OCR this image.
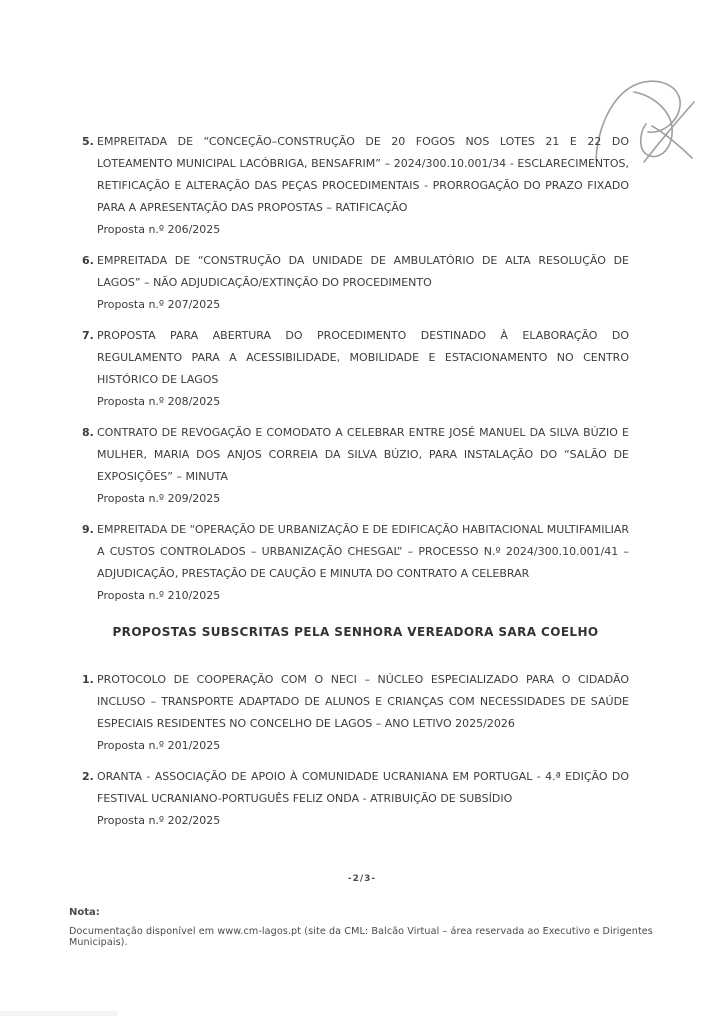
5. EMPREITADA DE “CONCEÇÃO–CONSTRUÇÃO DE 20 FOGOS NOS LOTES 21 E 22 DO LOTEAMENTO MUNICIPAL LACÓBRIGA, BENSAFRIM” – 2024/300.10.001/34 - ESCLARECIMENTOS, RETIFICAÇÃO E ALTERAÇÃO DAS PEÇAS PROCEDIMENTAIS - PRORROGAÇÃO DO PRAZO FIXADO PARA A APRESENTAÇÃO DAS PROPOSTAS – RATIFICAÇÃO
Proposta n.º 206/2025
6. EMPREITADA DE “CONSTRUÇÃO DA UNIDADE DE AMBULATÓRIO DE ALTA RESOLUÇÃO DE LAGOS” – NÃO ADJUDICAÇÃO/EXTINÇÃO DO PROCEDIMENTO
Proposta n.º 207/2025
7. PROPOSTA PARA ABERTURA DO PROCEDIMENTO DESTINADO À ELABORAÇÃO DO REGULAMENTO PARA A ACESSIBILIDADE, MOBILIDADE E ESTACIONAMENTO NO CENTRO HISTÓRICO DE LAGOS
Proposta n.º 208/2025
8. CONTRATO DE REVOGAÇÃO E COMODATO A CELEBRAR ENTRE JOSÉ MANUEL DA SILVA BÚZIO E MULHER, MARIA DOS ANJOS CORREIA DA SILVA BÚZIO, PARA INSTALAÇÃO DO “SALÃO DE EXPOSIÇÕES” – MINUTA
Proposta n.º 209/2025
9. EMPREITADA DE “OPERAÇÃO DE URBANIZAÇÃO E DE EDIFICAÇÃO HABITACIONAL MULTIFAMILIAR A CUSTOS CONTROLADOS – URBANIZAÇÃO CHESGAL” – PROCESSO N.º 2024/300.10.001/41 – ADJUDICAÇÃO, PRESTAÇÃO DE CAUÇÃO E MINUTA DO CONTRATO A CELEBRAR
Proposta n.º 210/2025
PROPOSTAS SUBSCRITAS PELA SENHORA VEREADORA SARA COELHO
1. PROTOCOLO DE COOPERAÇÃO COM O NECI – NÚCLEO ESPECIALIZADO PARA O CIDADÃO INCLUSO – TRANSPORTE ADAPTADO DE ALUNOS E CRIANÇAS COM NECESSIDADES DE SAÚDE ESPECIAIS RESIDENTES NO CONCELHO DE LAGOS – ANO LETIVO 2025/2026
Proposta n.º 201/2025
2. ORANTA - ASSOCIAÇÃO DE APOIO À COMUNIDADE UCRANIANA EM PORTUGAL - 4.ª EDIÇÃO DO FESTIVAL UCRANIANO-PORTUGUÊS FELIZ ONDA - ATRIBUIÇÃO DE SUBSÍDIO
Proposta n.º 202/2025
-2/3-
Nota:
Documentação disponível em www.cm-lagos.pt (site da CML: Balcão Virtual – área reservada ao Executivo e Dirigentes Municipais).
